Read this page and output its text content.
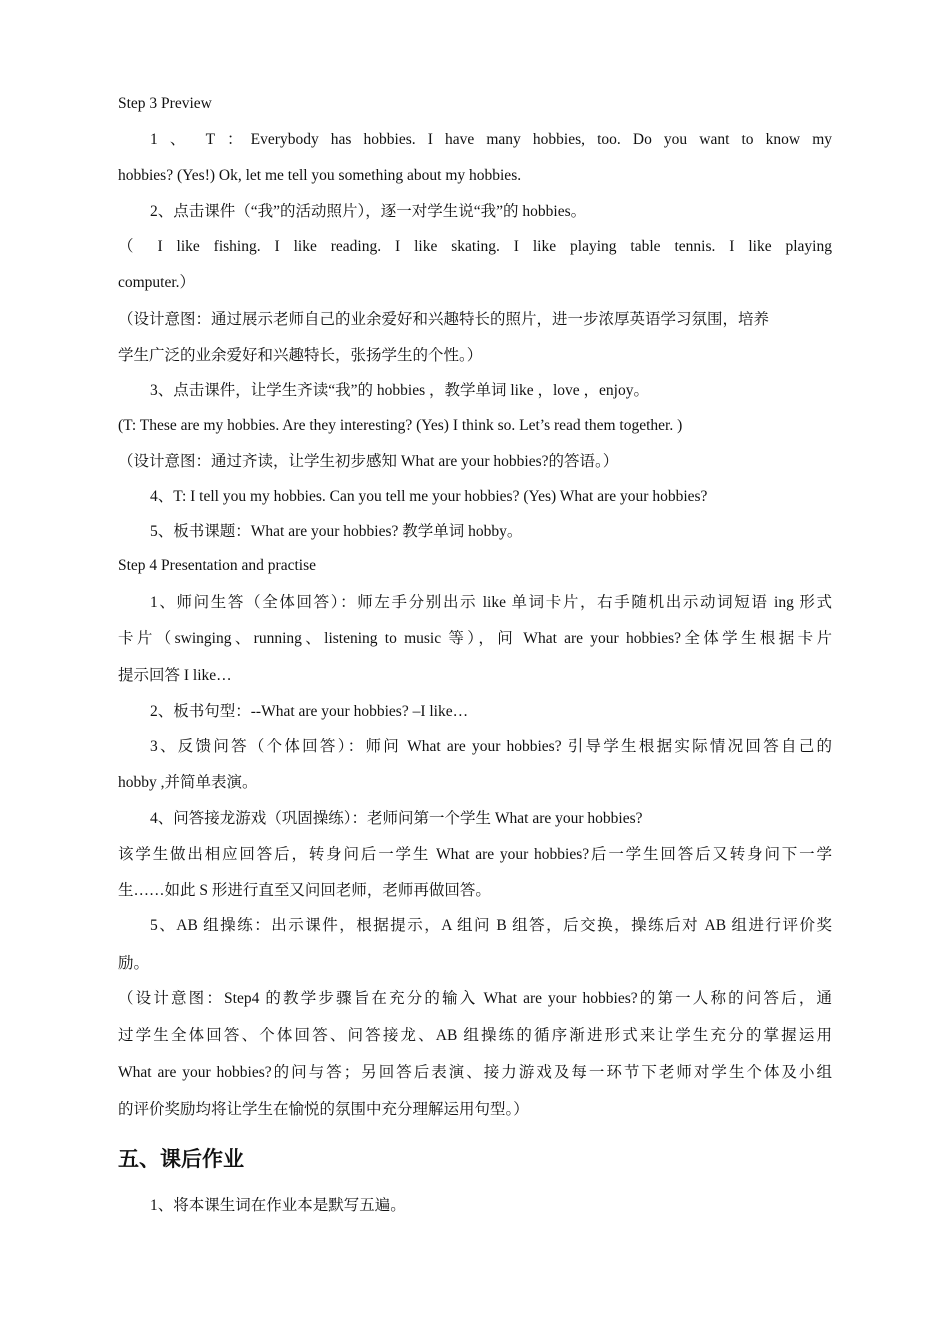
Step 3 Preview
1 、 T ：Everybody has hobbies. I have many hobbies, too. Do you want to know my
hobbies? (Yes!) Ok, let me tell you something about my hobbies.
2、点击课件（“我”的活动照片），逐一对学生说“我”的 hobbies。
（ I like fishing. I like reading. I like skating. I like playing table tennis. I like playing
computer.）
（设计意图：通过展示老师自己的业余爱好和兴趣特长的照片，进一步浓厚英语学习氛围，培养
学生广泛的业余爱好和兴趣特长，张扬学生的个性。）
3、点击课件，让学生齐读“我”的 hobbies ，教学单词 like ，love ，enjoy。
(T: These are my hobbies. Are they interesting? (Yes) I think so. Let’s read them together. )
（设计意图：通过齐读，让学生初步感知 What are your hobbies?的答语。）
4、T: I tell you my hobbies. Can you tell me your hobbies? (Yes) What are your hobbies?
5、板书课题：What are your hobbies? 教学单词 hobby。
Step 4 Presentation and practise
1、师问生答（全体回答）：师左手分别出示 like 单词卡片，右手随机出示动词短语 ing 形式
卡片（swinging、running、listening to music 等），问 What are your hobbies?全体学生根据卡片
提示回答 I like…
2、板书句型：--What are your hobbies? –I like…
3、反馈问答（个体回答）：师问 What are your hobbies? 引导学生根据实际情况回答自己的
hobby ,并简单表演。
4、问答接龙游戏（巩固操练）：老师问第一个学生 What are your hobbies?
该学生做出相应回答后，转身问后一学生 What are your hobbies?后一学生回答后又转身问下一学
生……如此 S 形进行直至又问回老师，老师再做回答。
5、AB 组操练：出示课件，根据提示，A 组问 B 组答，后交换，操练后对 AB 组进行评价奖
励。
（设计意图：Step4 的教学步骤旨在充分的输入 What are your hobbies?的第一人称的问答后，通
过学生全体回答、个体回答、问答接龙、AB 组操练的循序渐进形式来让学生充分的掌握运用
What are your hobbies?的问与答；另回答后表演、接力游戏及每一环节下老师对学生个体及小组
的评价奖励均将让学生在愉悦的氛围中充分理解运用句型。）
五、课后作业
1、将本课生词在作业本是默写五遍。
